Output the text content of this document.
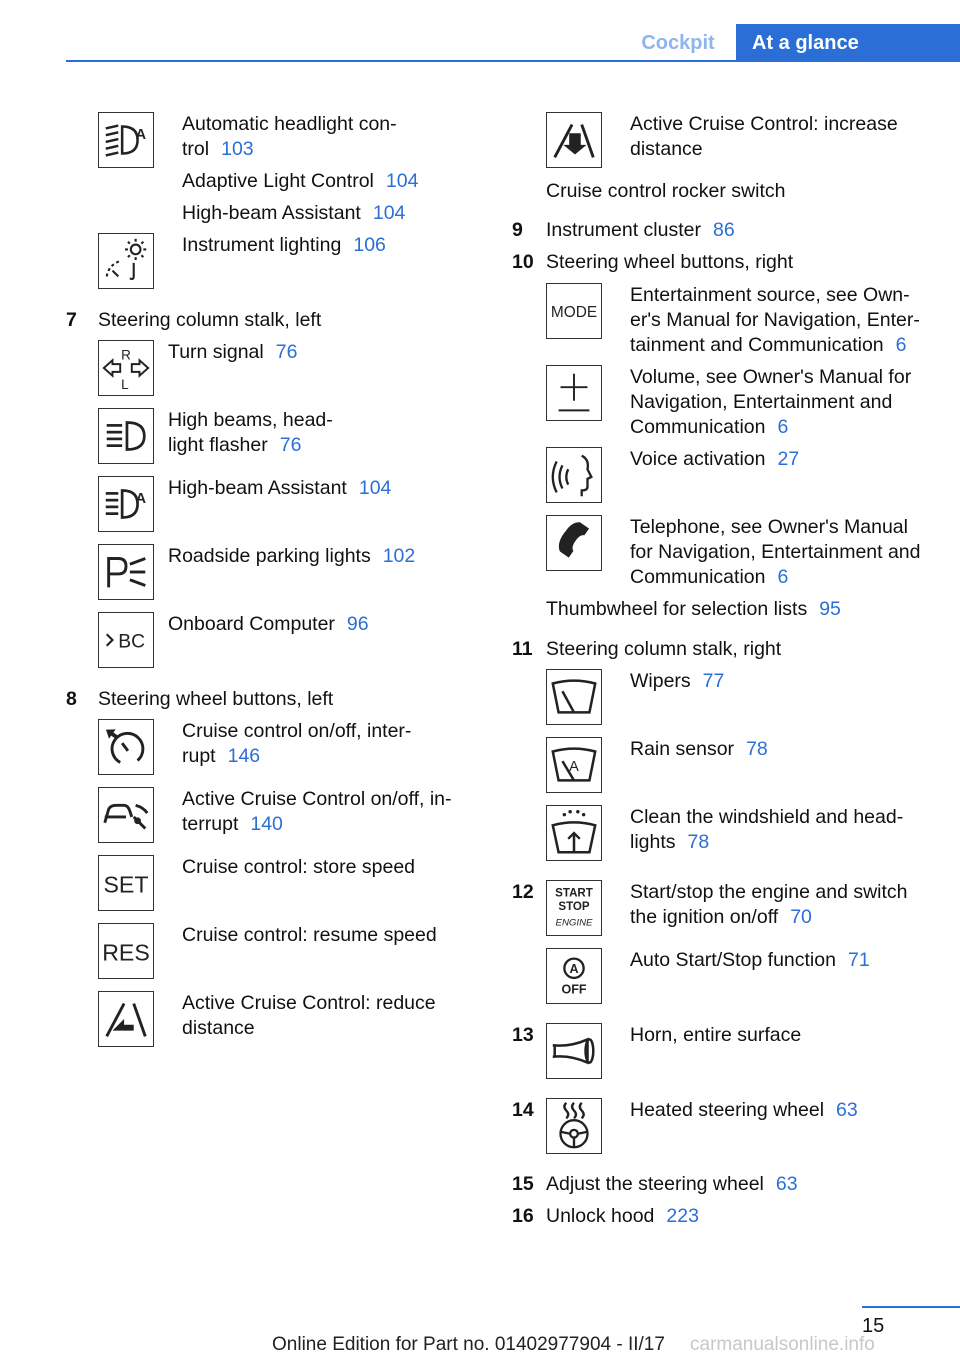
Cockpit	At a glance
A
Automatic headlight con-
trol 103
Adaptive Light Control 104
High-beam Assistant 104
Instrument lighting 106
7 Steering column stalk, left
R
L
Turn signal 76
High beams, head-
light flasher 76
A
High-beam Assistant 104
Roadside parking lights 102
BC
Onboard Computer 96
8 Steering wheel buttons, left
Cruise control on/off, inter-
rupt 146
Active Cruise Control on/off, in-
terrupt 140
SET
Cruise control: store speed
RES
Cruise control: resume speed
Active Cruise Control: reduce
distance
Active Cruise Control: increase
distance
Cruise control rocker switch
9 Instrument cluster 86
10 Steering wheel buttons, right
MODE
Entertainment source, see Own-
er's Manual for Navigation, Enter-
tainment and Communication 6
Volume, see Owner's Manual for
Navigation, Entertainment and
Communication 6
Voice activation 27
Telephone, see Owner's Manual
for Navigation, Entertainment and
Communication 6
Thumbwheel for selection lists 95
11 Steering column stalk, right
Wipers 77
A
Rain sensor 78
Clean the windshield and head-
lights 78
12 START
STOP
ENGINE
Start/stop the engine and switch
the ignition on/off 70
A
OFF
Auto Start/Stop function 71
13	Horn, entire surface
14	Heated steering wheel 63
15 Adjust the steering wheel 63
16 Unlock hood 223
15
Online Edition for Part no. 01402977904 - II/17 carmanualsonline.info
